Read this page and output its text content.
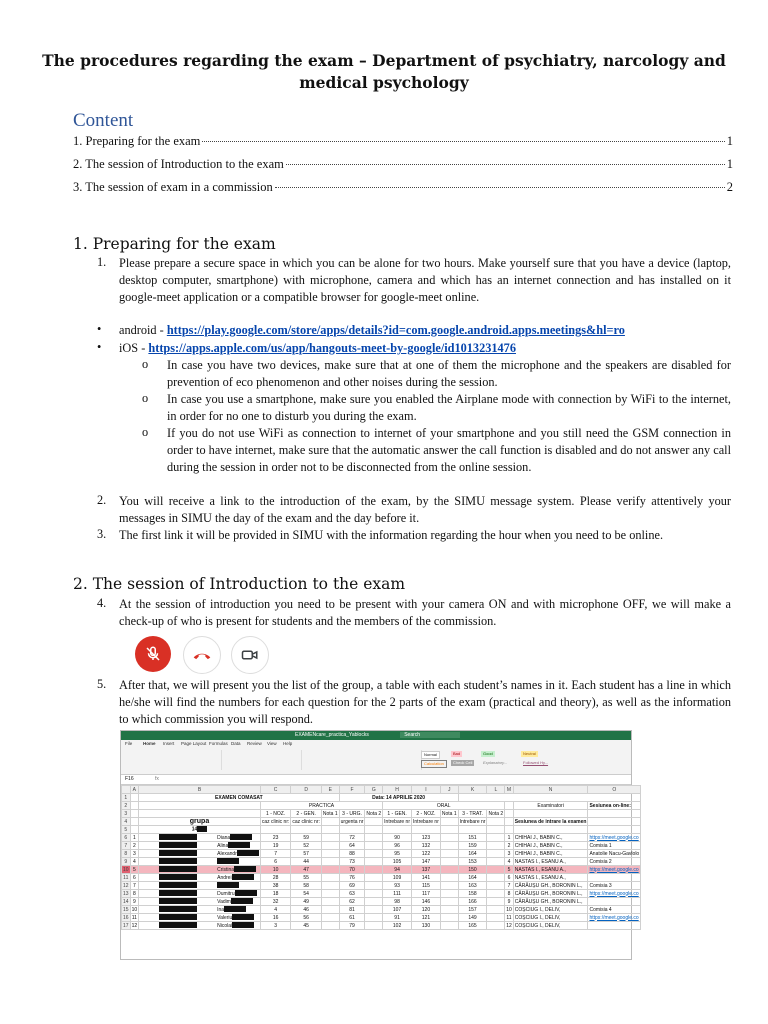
The procedures regarding the exam – Department of psychiatry, narcology and medical psychology
Content
1. Preparing for the exam	1
2. The session of Introduction to the exam	1
3. The session of exam in a commission	2
1. Preparing for the exam
1. Please prepare a secure space in which you can be alone for two hours. Make yourself sure that you have a device (laptop, desktop computer, smartphone) with microphone, camera and which has an internet connection and has installed on it google-meet application or a compatible browser for google-meet online.
• android - https://play.google.com/store/apps/details?id=com.google.android.apps.meetings&hl=ro
• iOS - https://apps.apple.com/us/app/hangouts-meet-by-google/id1013231476
o In case you have two devices, make sure that at one of them the microphone and the speakers are disabled for prevention of eco phenomenon and other noises during the session.
o In case you use a smartphone, make sure you enabled the Airplane mode with connection by WiFi to the internet, in order for no one to disturb you during the exam.
o If you do not use WiFi as connection to internet of your smartphone and you still need the GSM connection in order to have internet, make sure that the automatic answer the call function is disabled and do not answer any call during the session in order not to be disconnected from the online session.
2. You will receive a link to the introduction of the exam, by the SIMU message system. Please verify attentively your messages in SIMU the day of the exam and the day before it.
3. The first link it will be provided in SIMU with the information regarding the hour when you need to be online.
2. The session of Introduction to the exam
4. At the session of introduction you need to be present with your camera ON and with microphone OFF, we will make a check-up of who is present for students and the members of the commission.
5. After that, we will present you the list of the group, a table with each student’s names in it. Each student has a line in which he/she will find the numbers for each question for the 2 parts of the exam (practical and theory), as well as the information to which commission you will respond.
EXAMENcare_practica_Yablocks	Search
File Home Insert Page Layout Formulas Data Review View Help
Normal	Bad	Good	Neutral
Calculation	Check Cell	Explanatory...	Followed Hy...
F16	fx
	A	B	C	D	E	F	G	H	I	J	K	L	M	N	O
1		EXAMEN COMASAT				Data: 14 APRILIE 2020									
2			PRACTICA					ORAL						Examinatori	Sesiunea on-line:
3			1 - NOZ.	2 - GEN.	Nota 1	3 - URG.	Nota 2	1 - GEN.	2 - NOZ.	Nota 1	3 - TRAT.	Nota 2			
4		grupa	caz clinic nr:	caz clinic nr:		urgenta nr		Intrebare nr	Intrebare nr		Intrebare nr			Sesiunea de intrare la examen	
5		14													
6	1	Diana	23	59		72		90	123		151		1	CHIHAI J., BABIN C.,	https://meet.google.co
7	2	Alina	19	52		64		96	132		159		2	CHIHAI J., BABIN C.,	Comisia 1
8	3	Alexandr	7	57		88		95	122		164		3	CHIHAI J., BABIN C.,	Anatolie Nacu-Gavlolo
9	4		6	44		73		105	147		153		4	NASTAS I., ESANU A.,	Comisia 2
10	5	Cristina	10	47		70		94	137		150		5	NASTAS I., ESANU A.,	https://meet.google.co
11	6	Andrei	28	55		76		109	141		164		6	NASTAS I., ESANU A.,	
12	7		38	58		69		93	115		163		7	CĂRĂUȘU GH., BORONIN L.,	Comisia 3
13	8	Dumitru	18	54		63		111	117		158		8	CĂRĂUȘU GH., BORONIN L.,	https://meet.google.co
14	9	Vadim	32	49		62		98	146		166		9	CĂRĂUȘU GH., BORONIN L.,	
15	10	Ina	4	46		81		107	120		157		10	COȘCIUG I., DELIV,	Comisia 4
16	11	Valeriu	16	56		61		91	121		149		11	COȘCIUG I., DELIV,	https://meet.google.co
17	12	Nicolai	3	45		79		102	130		165		12	COȘCIUG I., DELIV,	
